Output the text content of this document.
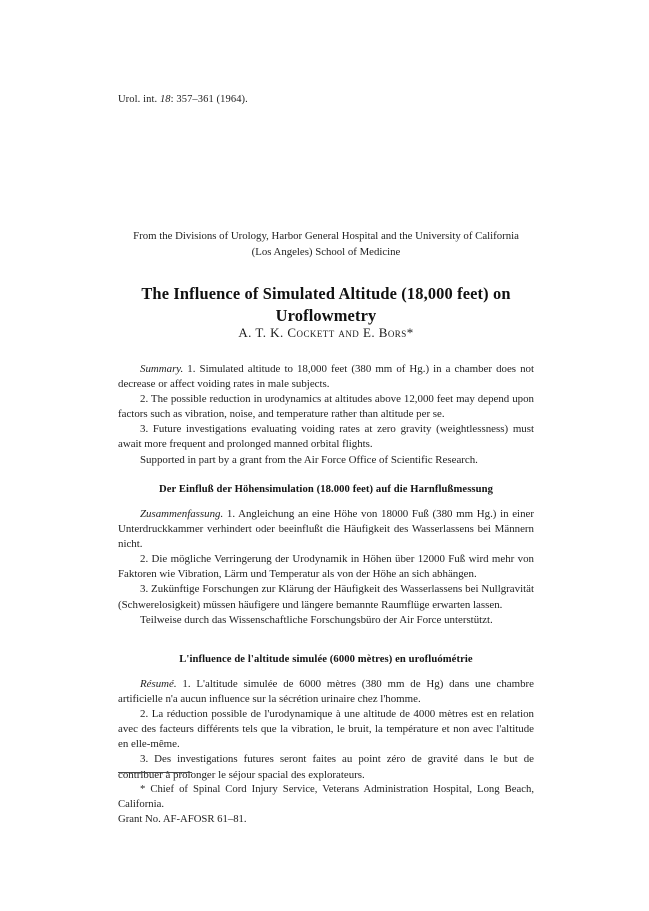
Urol. int. 18: 357–361 (1964).
From the Divisions of Urology, Harbor General Hospital and the University of California
(Los Angeles) School of Medicine
The Influence of Simulated Altitude (18,000 feet) on
Uroflowmetry
A. T. K. Cockett and E. Bors*

Summary. 1. Simulated altitude to 18,000 feet (380 mm of Hg.) in a chamber does not decrease or affect voiding rates in male subjects.

2. The possible reduction in urodynamics at altitudes above 12,000 feet may depend upon factors such as vibration, noise, and temperature rather than altitude per se.

3. Future investigations evaluating voiding rates at zero gravity (weightlessness) must await more frequent and prolonged manned orbital flights.

Supported in part by a grant from the Air Force Office of Scientific Research.

Der Einfluß der Höhensimulation (18.000 feet) auf die Harnflußmessung

Zusammenfassung. 1. Angleichung an eine Höhe von 18000 Fuß (380 mm Hg.) in einer Unterdruckkammer verhindert oder beeinflußt die Häufigkeit des Wasserlassens bei Männern nicht.

2. Die mögliche Verringerung der Urodynamik in Höhen über 12000 Fuß wird mehr von Faktoren wie Vibration, Lärm und Temperatur als von der Höhe an sich abhängen.

3. Zukünftige Forschungen zur Klärung der Häufigkeit des Wasserlassens bei Nullgravität (Schwerelosigkeit) müssen häufigere und längere bemannte Raumflüge erwarten lassen.

Teilweise durch das Wissenschaftliche Forschungsbüro der Air Force unterstützt.

L'influence de l'altitude simulée (6000 mètres) en urofluómétrie

Résumé. 1. L'altitude simulée de 6000 mètres (380 mm de Hg) dans une chambre artificielle n'a aucun influence sur la sécrétion urinaire chez l'homme.

2. La réduction possible de l'urodynamique à une altitude de 4000 mètres est en relation avec des facteurs différents tels que la vibration, le bruit, la température et non avec l'altitude en elle-même.

3. Des investigations futures seront faites au point zéro de gravité dans le but de contribuer à prolonger le séjour spacial des explorateurs.

* Chief of Spinal Cord Injury Service, Veterans Administration Hospital, Long Beach, California.

Grant No. AF-AFOSR 61–81.
